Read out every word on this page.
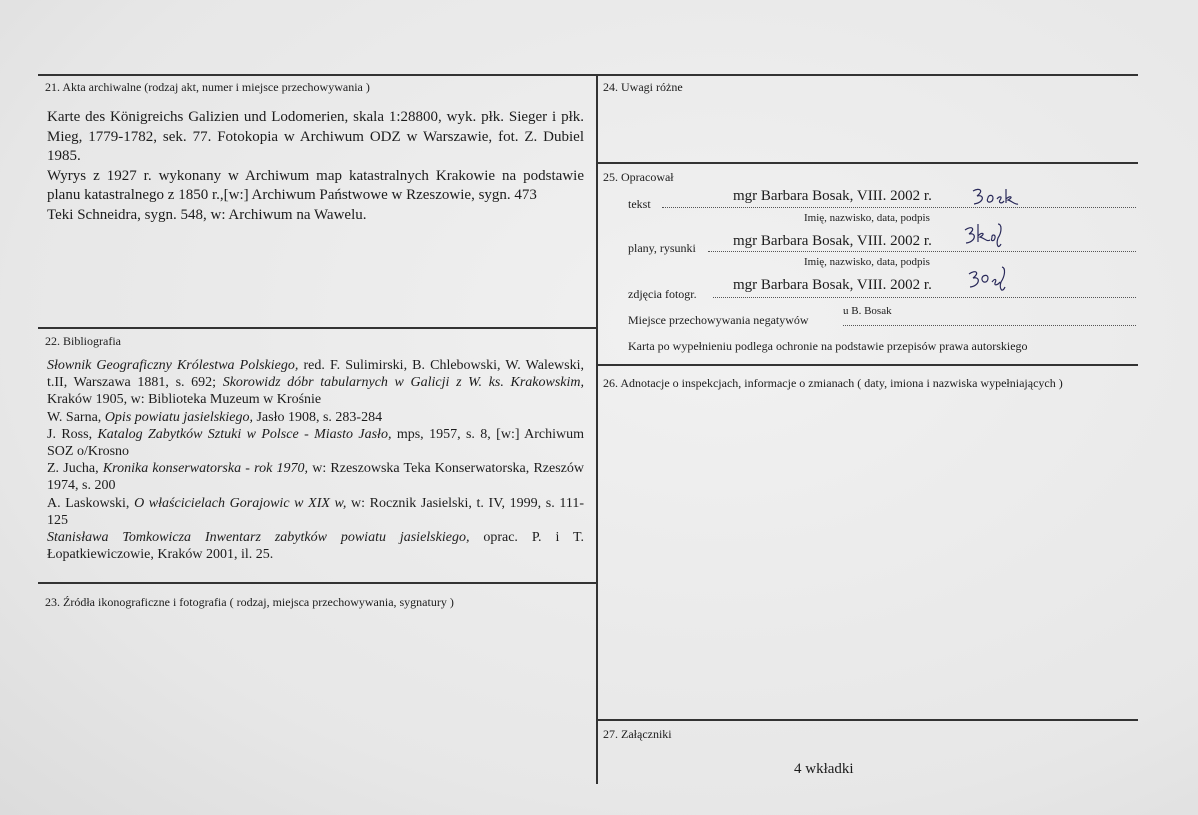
21. Akta archiwalne (rodzaj akt, numer i miejsce przechowywania )

Karte des Königreichs Galizien und Lodomerien, skala 1:28800, wyk. płk. Sieger i płk. Mieg, 1779-1782, sek. 77. Fotokopia w Archiwum ODZ w Warszawie, fot. Z. Dubiel 1985.

Wyrys z 1927 r. wykonany w Archiwum map katastralnych Krakowie na podstawie planu katastralnego z 1850 r.,[w:] Archiwum Państwowe w Rzeszowie, sygn. 473

Teki Schneidra, sygn. 548, w: Archiwum na Wawelu.

22. Bibliografia

Słownik Geograficzny Królestwa Polskiego, red. F. Sulimirski, B. Chlebowski, W. Walewski, t.II, Warszawa 1881, s. 692; Skorowidz dóbr tabularnych w Galicji z W. ks. Krakowskim, Kraków 1905, w: Biblioteka Muzeum w Krośnie

W. Sarna, Opis powiatu jasielskiego, Jasło 1908, s. 283-284

J. Ross, Katalog Zabytków Sztuki w Polsce - Miasto Jasło, mps, 1957, s. 8, [w:] Archiwum SOZ o/Krosno

Z. Jucha, Kronika konserwatorska - rok 1970, w: Rzeszowska Teka Konserwatorska, Rzeszów 1974, s. 200

A. Laskowski, O właścicielach Gorajowic w XIX w, w: Rocznik Jasielski, t. IV, 1999, s. 111-125

Stanisława Tomkowicza Inwentarz zabytków powiatu jasielskiego, oprac. P. i T. Łopatkiewiczowie, Kraków 2001, il. 25.

23. Źródła ikonograficzne i fotografia ( rodzaj, miejsca przechowywania, sygnatury )
24. Uwagi różne
25. Opracował
tekst	mgr Barbara Bosak, VIII. 2002 r.
Imię, nazwisko, data, podpis
plany, rysunki mgr Barbara Bosak, VIII. 2002 r.
Imię, nazwisko, data, podpis
zdjęcia fotogr.
mgr Barbara Bosak, VIII. 2002 r.
Miejsce przechowywania negatywów
u B. Bosak
Karta po wypełnieniu podlega ochronie na podstawie przepisów prawa autorskiego
26. Adnotacje o inspekcjach, informacje o zmianach ( daty, imiona i nazwiska wypełniających )
27. Załączniki
4 wkładki
